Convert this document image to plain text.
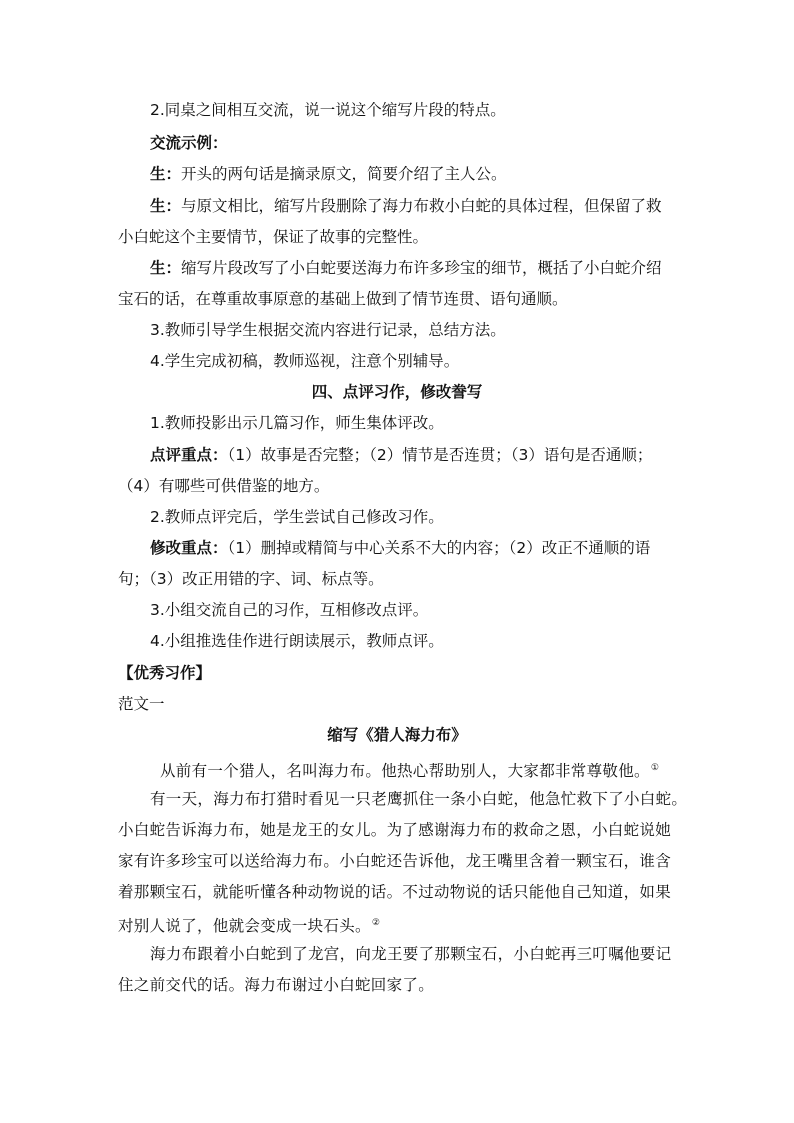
2.同桌之间相互交流，说一说这个缩写片段的特点。
交流示例：
生：开头的两句话是摘录原文，简要介绍了主人公。
生：与原文相比，缩写片段删除了海力布救小白蛇的具体过程，但保留了救
小白蛇这个主要情节，保证了故事的完整性。
生：缩写片段改写了小白蛇要送海力布许多珍宝的细节，概括了小白蛇介绍
宝石的话，在尊重故事原意的基础上做到了情节连贯、语句通顺。
3.教师引导学生根据交流内容进行记录，总结方法。
4.学生完成初稿，教师巡视，注意个别辅导。
四、点评习作，修改誊写
1.教师投影出示几篇习作，师生集体评改。
点评重点：（1）故事是否完整；（2）情节是否连贯；（3）语句是否通顺；
（4）有哪些可供借鉴的地方。
2.教师点评完后，学生尝试自己修改习作。
修改重点：（1）删掉或精简与中心关系不大的内容；（2）改正不通顺的语
句；（3）改正用错的字、词、标点等。
3.小组交流自己的习作，互相修改点评。
4.小组推选佳作进行朗读展示，教师点评。
【优秀习作】
范文一
缩写《猎人海力布》
从前有一个猎人，名叫海力布。他热心帮助别人，大家都非常尊敬他。①
有一天，海力布打猎时看见一只老鹰抓住一条小白蛇，他急忙救下了小白蛇。
小白蛇告诉海力布，她是龙王的女儿。为了感谢海力布的救命之恩，小白蛇说她
家有许多珍宝可以送给海力布。小白蛇还告诉他，龙王嘴里含着一颗宝石，谁含
着那颗宝石，就能听懂各种动物说的话。不过动物说的话只能他自己知道，如果
对别人说了，他就会变成一块石头。②
海力布跟着小白蛇到了龙宫，向龙王要了那颗宝石，小白蛇再三叮嘱他要记
住之前交代的话。海力布谢过小白蛇回家了。
